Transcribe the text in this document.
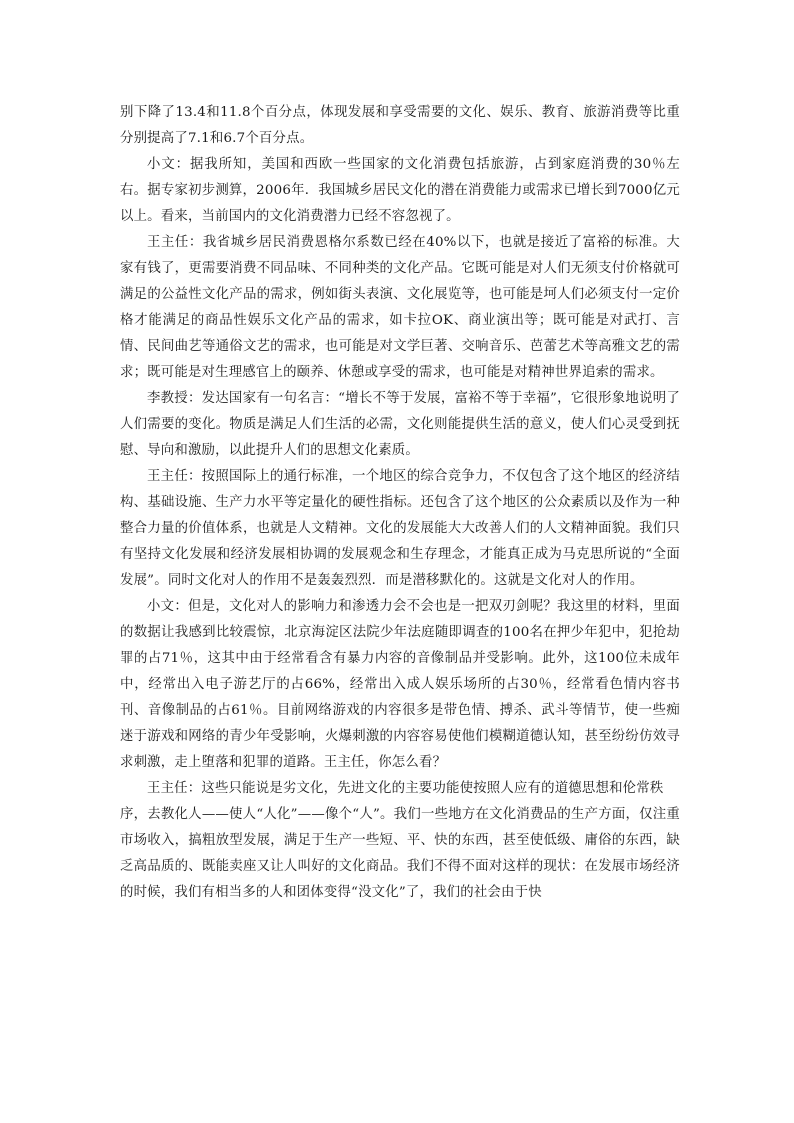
别下降了13.4和11.8个百分点，体现发展和享受需要的文化、娱乐、教育、旅游消费等比重分别提高了7.1和6.7个百分点。

小文：据我所知，美国和西欧一些国家的文化消费包括旅游，占到家庭消费的30％左右。据专家初步测算，2006年．我国城乡居民文化的潜在消费能力或需求已增长到7000亿元以上。看来，当前国内的文化消费潜力已经不容忽视了。

王主任：我省城乡居民消费恩格尔系数已经在40%以下，也就是接近了富裕的标准。大家有钱了，更需要消费不同品味、不同种类的文化产品。它既可能是对人们无须支付价格就可满足的公益性文化产品的需求，例如街头表演、文化展览等，也可能是坷人们必须支付一定价格才能满足的商品性娱乐文化产品的需求，如卡拉OK、商业演出等；既可能是对武打、言情、民间曲艺等通俗文艺的需求，也可能是对文学巨著、交响音乐、芭蕾艺术等高雅文艺的需求；既可能是对生理感官上的颐养、休憩或享受的需求，也可能是对精神世界追索的需求。

李教授：发达国家有一句名言：“增长不等于发展，富裕不等于幸福”，它很形象地说明了人们需要的变化。物质是满足人们生活的必需，文化则能提供生活的意义，使人们心灵受到抚慰、导向和激励，以此提升人们的思想文化素质。

王主任：按照国际上的通行标准，一个地区的综合竞争力，不仅包含了这个地区的经济结构、基础设施、生产力水平等定量化的硬性指标。还包含了这个地区的公众素质以及作为一种整合力量的价值体系，也就是人文精神。文化的发展能大大改善人们的人文精神面貌。我们只有坚持文化发展和经济发展相协调的发展观念和生存理念，才能真正成为马克思所说的“全面发展”。同时文化对人的作用不是轰轰烈烈．而是潜移默化的。这就是文化对人的作用。

小文：但是，文化对人的影响力和渗透力会不会也是一把双刃剑呢？我这里的材料，里面的数据让我感到比较震惊，北京海淀区法院少年法庭随即调查的100名在押少年犯中，犯抢劫罪的占71％，这其中由于经常看含有暴力内容的音像制品并受影响。此外，这100位未成年中，经常出入电子游艺厅的占66%，经常出入成人娱乐场所的占30％，经常看色情内容书刊、音像制品的占61％。目前网络游戏的内容很多是带色情、搏杀、武斗等情节，使一些痴迷于游戏和网络的青少年受影响，火爆刺激的内容容易使他们模糊道德认知，甚至纷纷仿效寻求刺激，走上堕落和犯罪的道路。王主任，你怎么看？

王主任：这些只能说是劣文化，先进文化的主要功能使按照人应有的道德思想和伦常秩

序，去教化人——使人“人化”——像个“人”。我们一些地方在文化消费品的生产方面，仅注重市场收入，搞粗放型发展，满足于生产一些短、平、快的东西，甚至使低级、庸俗的东西，缺乏高品质的、既能卖座又让人叫好的文化商品。我们不得不面对这样的现状：在发展市场经济的时候，我们有相当多的人和团体变得“没文化”了，我们的社会由于快
